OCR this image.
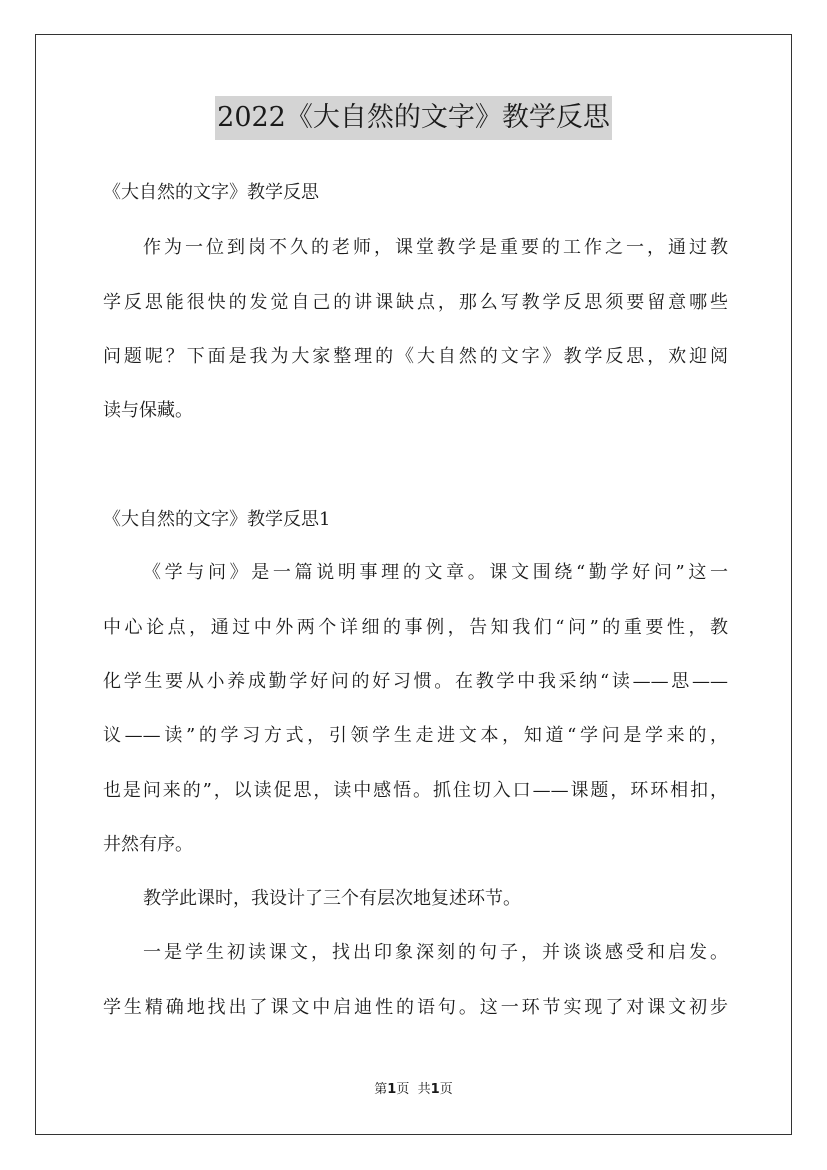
2022《大自然的文字》教学反思
《大自然的文字》教学反思
作为一位到岗不久的老师，课堂教学是重要的工作之一，通过教
学反思能很快的发觉自己的讲课缺点，那么写教学反思须要留意哪些
问题呢？下面是我为大家整理的《大自然的文字》教学反思，欢迎阅
读与保藏。
《大自然的文字》教学反思1
《学与问》是一篇说明事理的文章。课文围绕“勤学好问”这一
中心论点，通过中外两个详细的事例，告知我们“问”的重要性，教
化学生要从小养成勤学好问的好习惯。在教学中我采纳“读——思——
议——读”的学习方式，引领学生走进文本，知道“学问是学来的，
也是问来的”，以读促思，读中感悟。抓住切入口——课题，环环相扣，
井然有序。
教学此课时，我设计了三个有层次地复述环节。
一是学生初读课文，找出印象深刻的句子，并谈谈感受和启发。
学生精确地找出了课文中启迪性的语句。这一环节实现了对课文初步
第1页 共1页
